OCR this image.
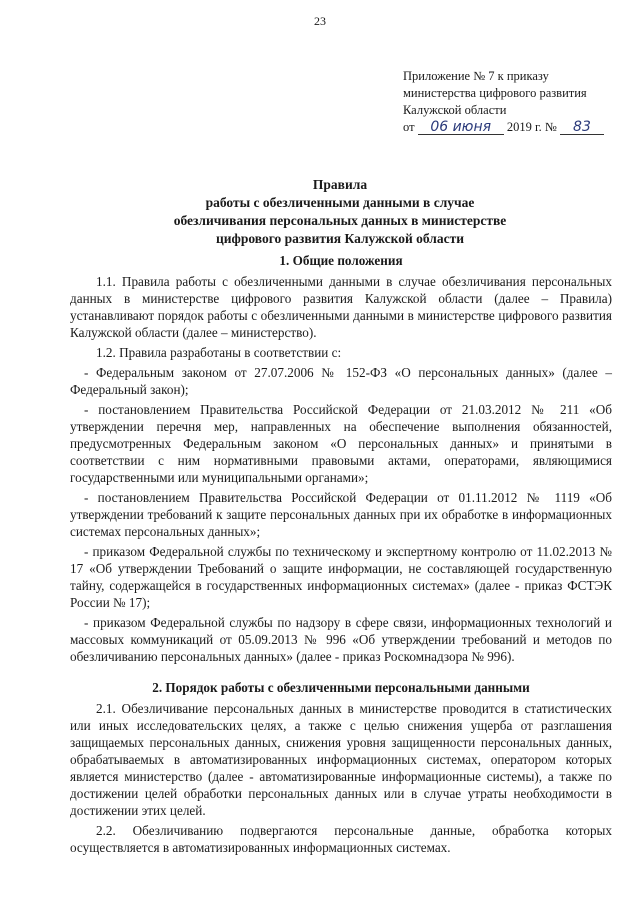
23
Приложение № 7 к приказу
министерства цифрового развития
Калужской области
от 06 июня 2019 г. № 83
Правила
работы с обезличенными данными в случае
обезличивания персональных данных в министерстве
цифрового развития Калужской области
1. Общие положения

1.1. Правила работы с обезличенными данными в случае обезличивания персональных данных в министерстве цифрового развития Калужской области (далее – Правила) устанавливают порядок работы с обезличенными данными в министерстве цифрового развития Калужской области (далее – министерство).

1.2. Правила разработаны в соответствии с:

- Федеральным законом от 27.07.2006 № 152-ФЗ «О персональных данных» (далее – Федеральный закон);

- постановлением Правительства Российской Федерации от 21.03.2012 № 211 «Об утверждении перечня мер, направленных на обеспечение выполнения обязанностей, предусмотренных Федеральным законом «О персональных данных» и принятыми в соответствии с ним нормативными правовыми актами, операторами, являющимися государственными или муниципальными органами»;

- постановлением Правительства Российской Федерации от 01.11.2012 № 1119 «Об утверждении требований к защите персональных данных при их обработке в информационных системах персональных данных»;

- приказом Федеральной службы по техническому и экспертному контролю от 11.02.2013 № 17 «Об утверждении Требований о защите информации, не составляющей государственную тайну, содержащейся в государственных информационных системах» (далее - приказ ФСТЭК России № 17);

- приказом Федеральной службы по надзору в сфере связи, информационных технологий и массовых коммуникаций от 05.09.2013 № 996 «Об утверждении требований и методов по обезличиванию персональных данных» (далее - приказ Роскомнадзора № 996).

2. Порядок работы с обезличенными персональными данными

2.1. Обезличивание персональных данных в министерстве проводится в статистических или иных исследовательских целях, а также с целью снижения ущерба от разглашения защищаемых персональных данных, снижения уровня защищенности персональных данных, обрабатываемых в автоматизированных информационных системах, оператором которых является министерство (далее - автоматизированные информационные системы), а также по достижении целей обработки персональных данных или в случае утраты необходимости в достижении этих целей.

2.2. Обезличиванию подвергаются персональные данные, обработка которых осуществляется в автоматизированных информационных системах.
